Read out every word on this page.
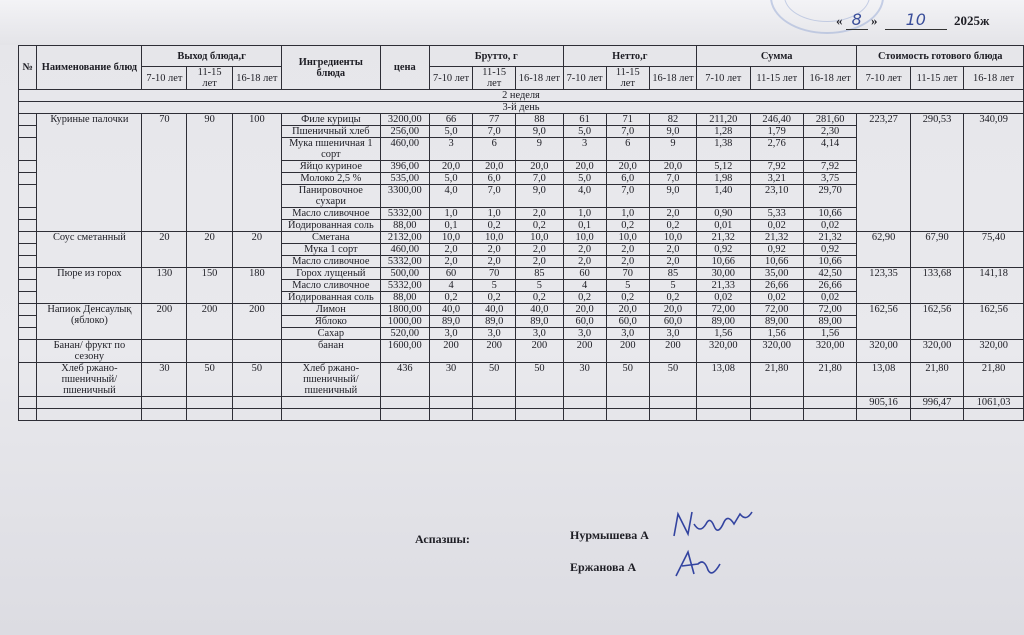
« 8 » 10 2025ж
№	Наименование блюд	Выход блюда,г			Ингредиенты блюда	цена	Брутто, г			Нетто,г			Сумма			Стоимость готового блюда		
		7-10 лет	11-15 лет	16-18 лет			7-10 лет	11-15 лет	16-18 лет	7-10 лет	11-15 лет	16-18 лет	7-10 лет	11-15 лет	16-18 лет	7-10 лет	11-15 лет	16-18 лет
2 неделя																		
3-й день																		
	Куриные палочки	70	90	100	Филе курицы	3200,00	66	77	88	61	71	82	211,20	246,40	281,60	223,27	290,53	340,09
					Пшеничный хлеб	256,00	5,0	7,0	9,0	5,0	7,0	9,0	1,28	1,79	2,30			
					Мука пшеничная 1 сорт	460,00	3	6	9	3	6	9	1,38	2,76	4,14			
					Яйцо куриное	396,00	20,0	20,0	20,0	20,0	20,0	20,0	5,12	7,92	7,92			
					Молоко 2,5 %	535,00	5,0	6,0	7,0	5,0	6,0	7,0	1,98	3,21	3,75			
					Панировочное сухари	3300,00	4,0	7,0	9,0	4,0	7,0	9,0	1,40	23,10	29,70			
					Масло сливочное	5332,00	1,0	1,0	2,0	1,0	1,0	2,0	0,90	5,33	10,66			
					Йодированная соль	88,00	0,1	0,2	0,2	0,1	0,2	0,2	0,01	0,02	0,02			
	Соус сметанный	20	20	20	Сметана	2132,00	10,0	10,0	10,0	10,0	10,0	10,0	21,32	21,32	21,32	62,90	67,90	75,40
					Мука 1 сорт	460,00	2,0	2,0	2,0	2,0	2,0	2,0	0,92	0,92	0,92			
					Масло сливочное	5332,00	2,0	2,0	2,0	2,0	2,0	2,0	10,66	10,66	10,66			
	Пюре из горох	130	150	180	Горох лущеный	500,00	60	70	85	60	70	85	30,00	35,00	42,50	123,35	133,68	141,18
					Масло сливочное	5332,00	4	5	5	4	5	5	21,33	26,66	26,66			
					Йодированная соль	88,00	0,2	0,2	0,2	0,2	0,2	0,2	0,02	0,02	0,02			
	Напиок Денсаулық (яблоко)	200	200	200	Лимон	1800,00	40,0	40,0	40,0	20,0	20,0	20,0	72,00	72,00	72,00	162,56	162,56	162,56
					Яблоко	1000,00	89,0	89,0	89,0	60,0	60,0	60,0	89,00	89,00	89,00			
					Сахар	520,00	3,0	3,0	3,0	3,0	3,0	3,0	1,56	1,56	1,56			
	Банан/ фрукт по сезону				банан	1600,00	200	200	200	200	200	200	320,00	320,00	320,00	320,00	320,00	320,00
	Хлеб ржано-пшеничный/ пшеничный	30	50	50	Хлеб ржано-пшеничный/ пшеничный	436	30	50	50	30	50	50	13,08	21,80	21,80	13,08	21,80	21,80
																905,16	996,47	1061,03

Аспазшы:	Нурмышева А
Ержанова А
